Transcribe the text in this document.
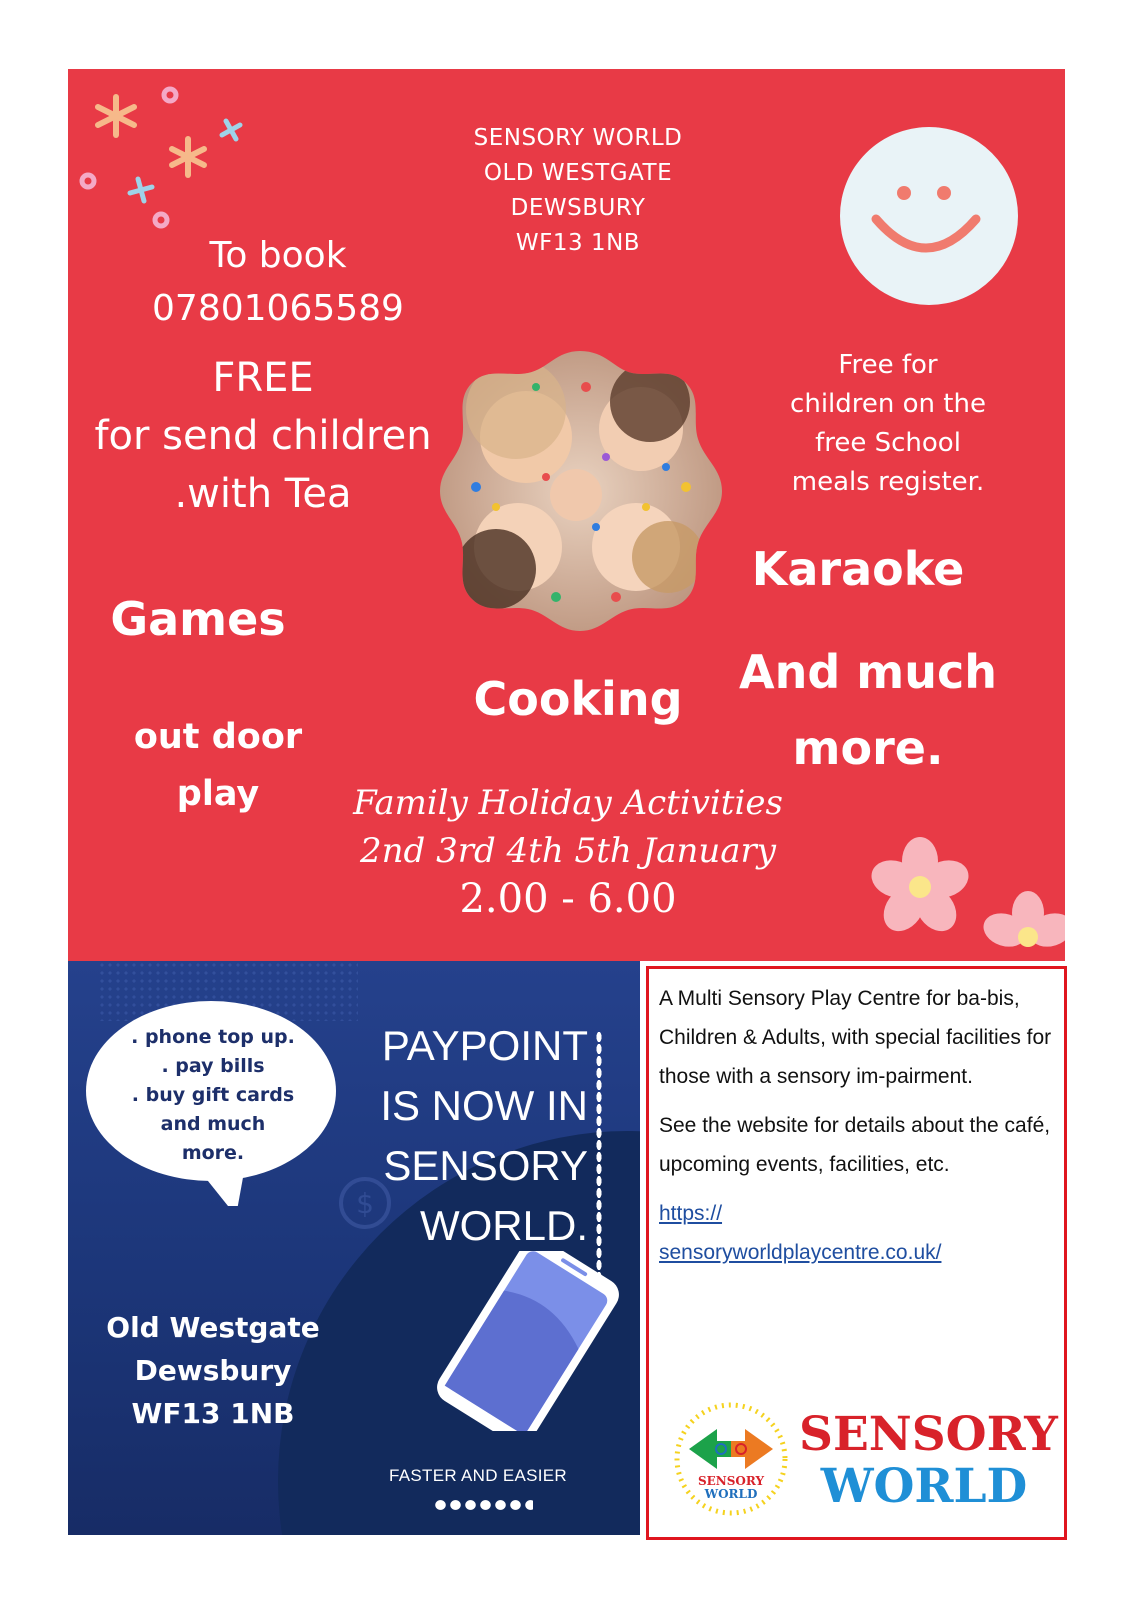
SENSORY WORLD
OLD WESTGATE
DEWSBURY
WF13 1NB
To book
07801065589
FREE
for send children
.with Tea
Free for
children on the
free School
meals register.
Karaoke
Games
And much
more.
Cooking
out door
play	Family Holiday Activities
2nd 3rd 4th 5th January
2.00 - 6.00
. phone top up.
. pay bills
. buy gift cards
and much
more.
PAYPOINT
IS NOW IN
SENSORY
WORLD.
$
Old Westgate
Dewsbury
WF13 1NB
FASTER AND EASIER

A Multi Sensory Play Centre for ba-bis, Children & Adults, with special facilities for those with a sensory im-pairment.

See the website for details about the café, upcoming events, facilities, etc.

https://
sensoryworldplaycentre.co.uk/
SENSORY
WORLD
SENSORY
WORLD
